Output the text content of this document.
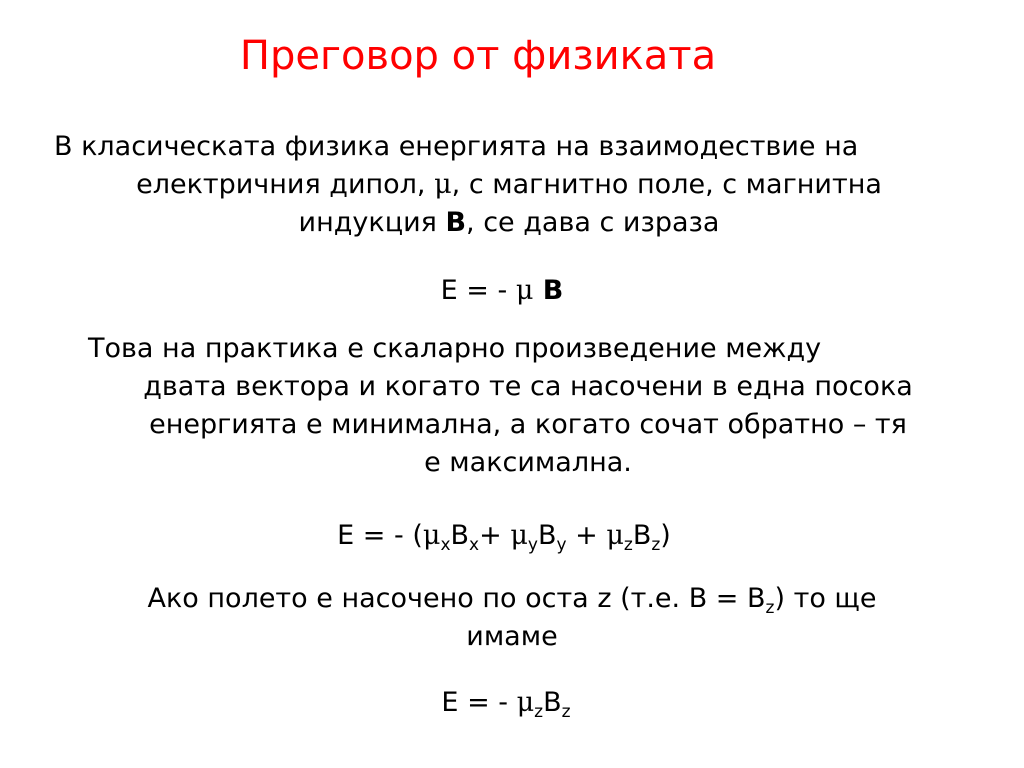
Преговор от физиката

В класическата физика енергията на взаимодествие на
електричния дипол, μ, с магнитно поле, с магнитна
индукция B, се дава с израза

E = - μ B

Това на практика е скаларно произведение между
двата вектора и когато те са насочени в една посока
енергията е минимална, а когато сочат обратно – тя
е максимална.

E = - $(\mu_xB_x+ \mu_yB_y + \mu_zB_z)$

Ако полето е насочено по оста z (т.е. $B = B_z$) то ще
имаме

E = - $\mu_zB_z$
